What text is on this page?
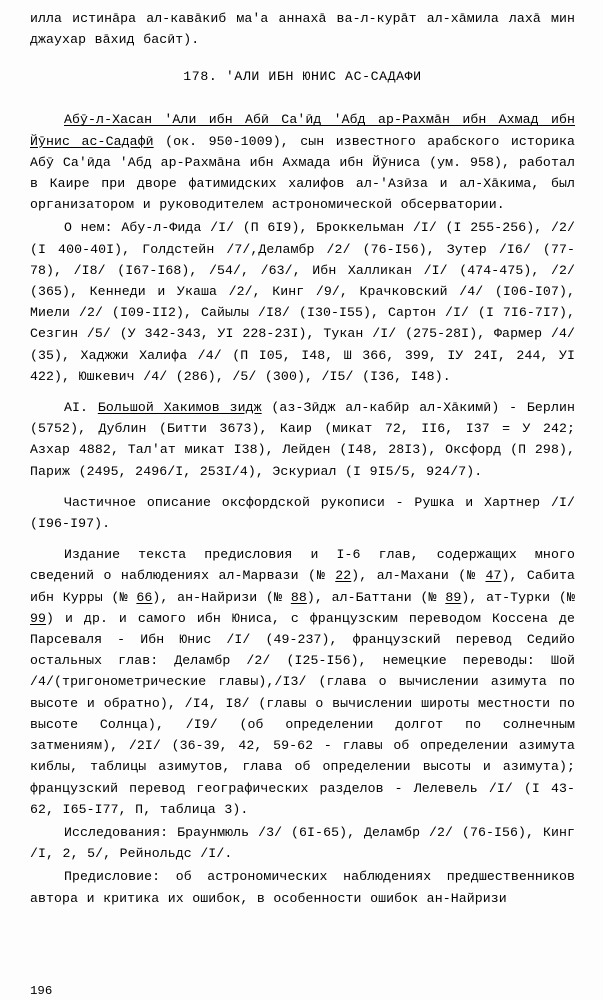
илла истинāра ал-кавāкиб ма'а аннахā ва-л-курāт ал-хāмила лахā мин джаухар вāхид басӣт).

178. 'АЛИ ИБН ЮНИС АС-САДАФИ

Абӯ-л-Хасан 'Али ибн Абӣ Са'ӣд 'Абд ар-Рахмāн ибн Ахмад ибн Йӯнис ас-Садафӣ (ок. 950-1009), сын известного арабского историка Абӯ Са'ӣда 'Абд ар-Рахмāна ибн Ахмада ибн Йӯниса (ум. 958), работал в Каире при дворе фатимидских халифов ал-'Азӣза и ал-Хāкима, был организатором и руководителем астрономической обсерватории.

О нем: Абу-л-Фида /I/ (П 6I9), Броккельман /I/ (I 255-256), /2/ (I 400-40I), Голдстейн /7/,Деламбр /2/ (76-I56), Зутер /I6/ (77-78), /I8/ (I67-I68), /54/, /63/, Ибн Халликан /I/ (474-475), /2/ (365), Кеннеди и Укаша /2/, Кинг /9/, Крачковский /4/ (I06-I07), Миели /2/ (I09-II2), Сайылы /I8/ (I30-I55), Сартон /I/ (I 7I6-7I7), Сезгин /5/ (У 342-343, УI 228-23I), Тукан /I/ (275-28I), Фармер /4/ (35), Хаджжи Халифа /4/ (П I05, I48, Ш 366, 399, IУ 24I, 244, УI 422), Юшкевич /4/ (286), /5/ (300), /I5/ (I36, I48).

АI. Большой Хакимов зидж (аз-Зӣдж ал-кабӣр ал-Хāкимӣ) - Берлин (5752), Дублин (Битти 3673), Каир (микат 72, II6, I37 = У 242; Азхар 4882, Тал'ат микат I38), Лейден (I48, 28I3), Оксфорд (П 298), Париж (2495, 2496/I, 253I/4), Эскуриал (I 9I5/5, 924/7).

Частичное описание оксфордской рукописи - Рушка и Хартнер /I/ (I96-I97).

Издание текста предисловия и I-6 глав, содержащих много сведений о наблюдениях ал-Марвази (№ 22), ал-Махани (№ 47), Сабита ибн Курры (№ 66), ан-Найризи (№ 88), ал-Баттани (№ 89), ат-Турки (№ 99) и др. и самого ибн Юниса, с французским переводом Коссена де Парсеваля - Ибн Юнис /I/ (49-237), французский перевод Седийо остальных глав: Деламбр /2/ (I25-I56), немецкие переводы: Шой /4/(тригонометрические главы),/I3/ (глава о вычислении азимута по высоте и обратно), /I4, I8/ (главы о вычислении широты местности по высоте Солнца), /I9/ (об определении долгот по солнечным затмениям), /2I/ (36-39, 42, 59-62 - главы об определении азимута киблы, таблицы азимутов, глава об определении высоты и азимута); французский перевод географических разделов - Лелевель /I/ (I 43-62, I65-I77, П, таблица 3).

Исследования: Браунмюль /3/ (6I-65), Деламбр /2/ (76-I56), Кинг /I, 2, 5/, Рейнольдс /I/.

Предисловие: об астрономических наблюдениях предшественников автора и критика их ошибок, в особенности ошибок ан-Найризи

196
